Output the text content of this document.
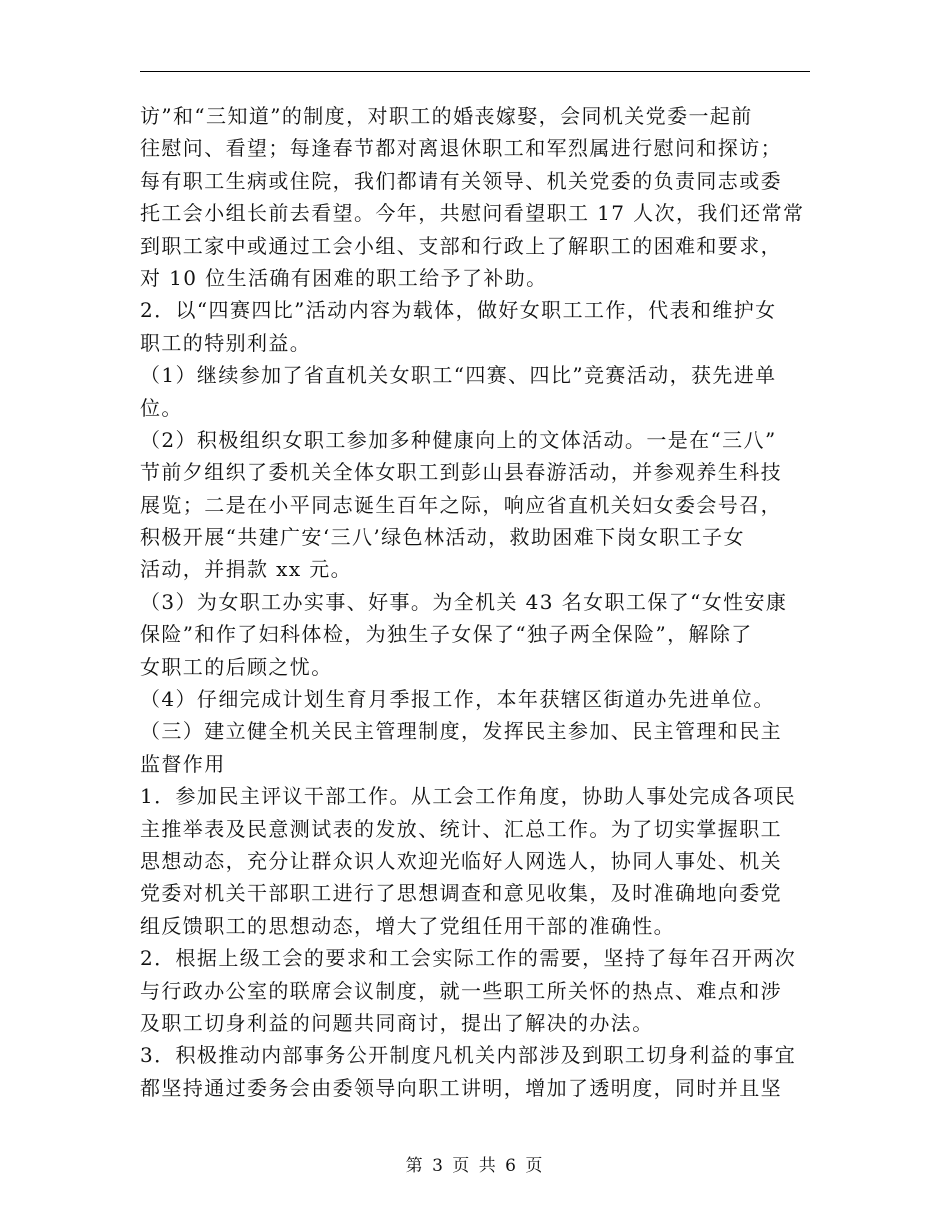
访”和“三知道”的制度，对职工的婚丧嫁娶，会同机关党委一起前
往慰问、看望；每逢春节都对离退休职工和军烈属进行慰问和探访；
每有职工生病或住院，我们都请有关领导、机关党委的负责同志或委
托工会小组长前去看望。今年，共慰问看望职工 17 人次，我们还常常
到职工家中或通过工会小组、支部和行政上了解职工的困难和要求，
对 10 位生活确有困难的职工给予了补助。
2．以“四赛四比”活动内容为载体，做好女职工工作，代表和维护女
职工的特别利益。
（1）继续参加了省直机关女职工“四赛、四比”竞赛活动，获先进单
位。
（2）积极组织女职工参加多种健康向上的文体活动。一是在“三八”
节前夕组织了委机关全体女职工到彭山县春游活动，并参观养生科技
展览；二是在小平同志诞生百年之际，响应省直机关妇女委会号召，
积极开展“共建广安‘三八’绿色林活动，救助困难下岗女职工子女
活动，并捐款 xx 元。
（3）为女职工办实事、好事。为全机关 43 名女职工保了“女性安康
保险”和作了妇科体检，为独生子女保了“独子两全保险”，解除了
女职工的后顾之忧。
（4）仔细完成计划生育月季报工作，本年获辖区街道办先进单位。
（三）建立健全机关民主管理制度，发挥民主参加、民主管理和民主
监督作用
1．参加民主评议干部工作。从工会工作角度，协助人事处完成各项民
主推举表及民意测试表的发放、统计、汇总工作。为了切实掌握职工
思想动态，充分让群众识人欢迎光临好人网选人，协同人事处、机关
党委对机关干部职工进行了思想调查和意见收集，及时准确地向委党
组反馈职工的思想动态，增大了党组任用干部的准确性。
2．根据上级工会的要求和工会实际工作的需要，坚持了每年召开两次
与行政办公室的联席会议制度，就一些职工所关怀的热点、难点和涉
及职工切身利益的问题共同商讨，提出了解决的办法。
3．积极推动内部事务公开制度凡机关内部涉及到职工切身利益的事宜
都坚持通过委务会由委领导向职工讲明，增加了透明度，同时并且坚
第 3 页 共 6 页
